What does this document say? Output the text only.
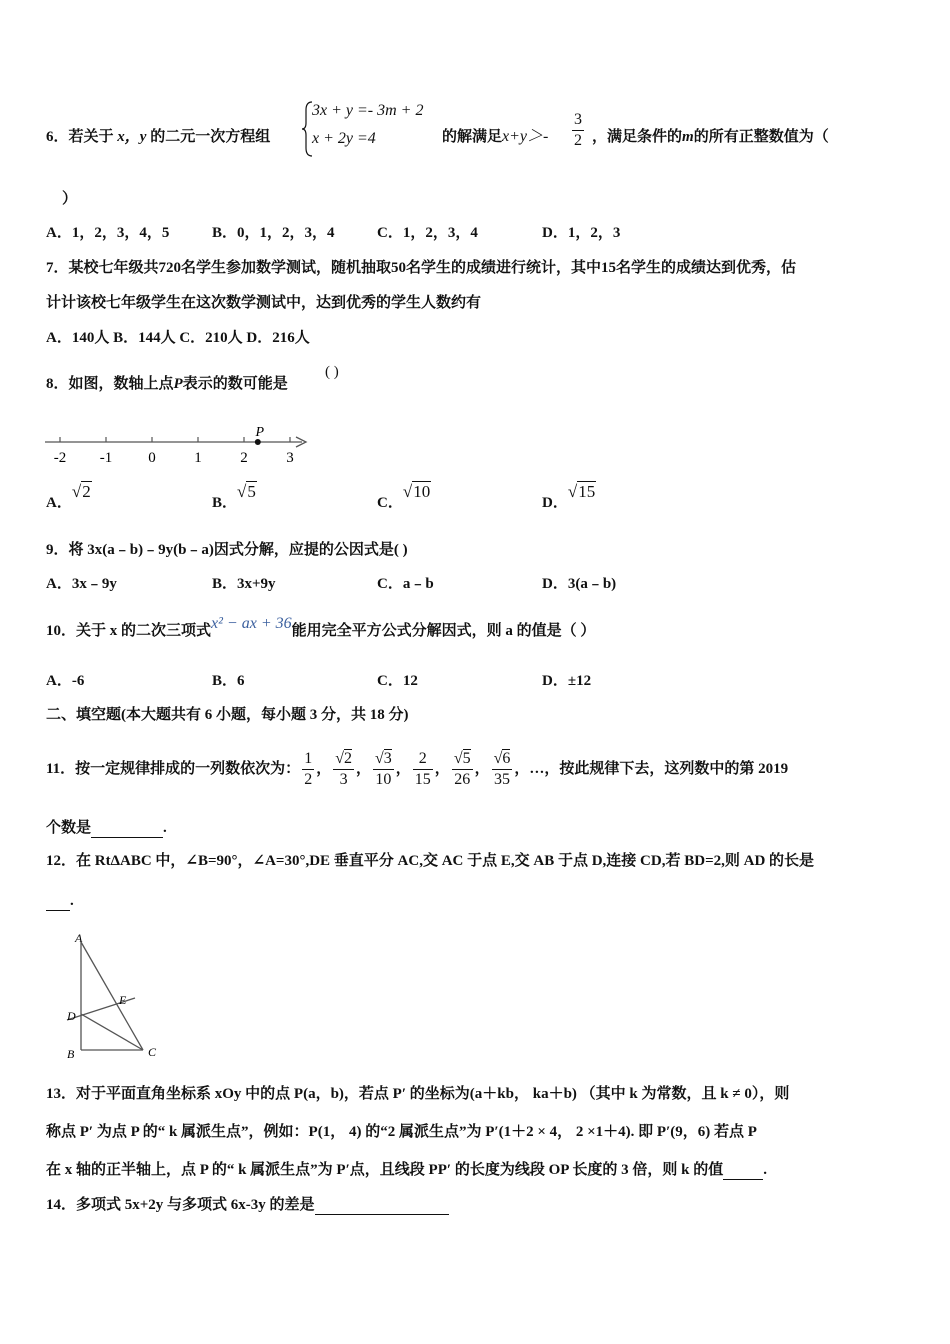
6．若关于 x，y 的二元一次方程组
3x + y =- 3m + 2
x + 2y =4	的解满足$x+y>- \frac{3}{2}$ ，满足条件的m的所有正整数值为（
）
A．1，2，3，4，5	B．0，1，2，3，4	C．1，2，3，4	D．1，2，3
7．某校七年级共720名学生参加数学测试，随机抽取50名学生的成绩进行统计，其中15名学生的成绩达到优秀，估
计计该校七年级学生在这次数学测试中，达到优秀的学生人数约有
A．140人 B．144人 C．210人 D．216人
8．如图，数轴上点P表示的数可能是
( )
-2 -1 0	1	2	3
P
A．√2
B．√5
C．√10
D．√15
9．将 3x(a﹣b)﹣9y(b﹣a)因式分解，应提的公因式是( )
A．3x﹣9y	B．3x+9y	C．a﹣b	D．3(a﹣b)
10．关于 x 的二次三项式x² − ax + 36能用完全平方公式分解因式，则 a 的值是（ ）
A．-6	B．6	C．12	D．±12
二、填空题(本大题共有 6 小题，每小题 3 分，共 18 分)
11．按一定规律排成的一列数依次为： $\frac{1}{2}$ ， $\frac{√2}{3}$ ， $\frac{√3}{10}$ ， $\frac{2}{15}$ ， $\frac{√5}{26}$ ， $\frac{√6}{35}$ ，…，按此规律下去，这列数中的第 2019
个数是	.
12．在 RtΔABC 中，∠B=90°，∠A=30°,DE 垂直平分 AC,交 AC 于点 E,交 AB 于点 D,连接 CD,若 BD=2,则 AD 的长是
.
A
B	C
D
E
13．对于平面直角坐标系 xOy 中的点 P(a，b)，若点 P′ 的坐标为(a＋kb， ka＋b) （其中 k 为常数，且 k ≠ 0），则
称点 P′ 为点 P 的“ k 属派生点”，例如：P(1， 4) 的“2 属派生点”为 P′(1＋2 × 4， 2 ×1＋4). 即 P′(9，6) 若点 P
在 x 轴的正半轴上，点 P 的“ k 属派生点”为 P′点，且线段 PP′ 的长度为线段 OP 长度的 3 倍，则 k 的值	.
14．多项式 5x+2y 与多项式 6x-3y 的差是
